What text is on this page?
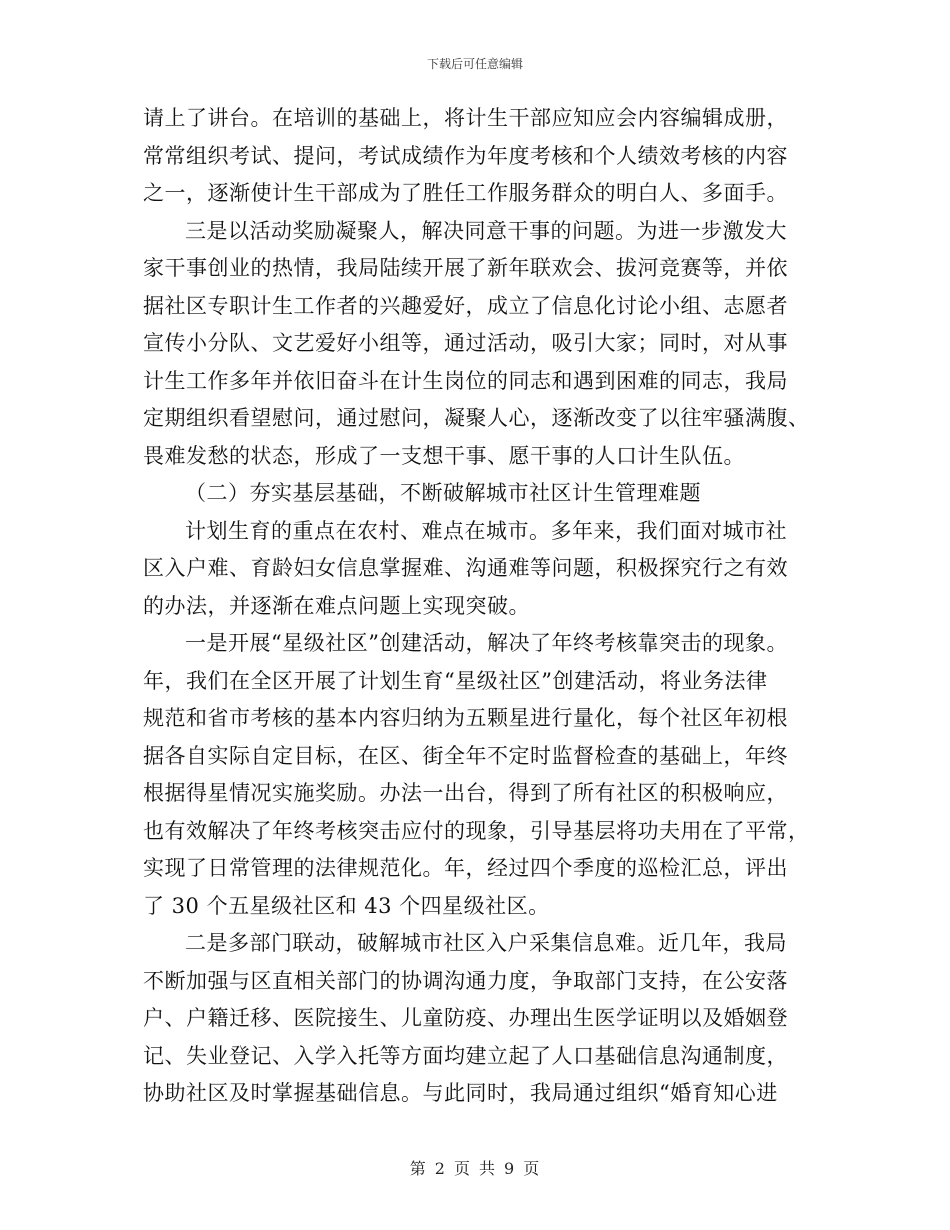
下载后可任意编辑
请上了讲台。在培训的基础上，将计生干部应知应会内容编辑成册，
常常组织考试、提问，考试成绩作为年度考核和个人绩效考核的内容
之一，逐渐使计生干部成为了胜任工作服务群众的明白人、多面手。
三是以活动奖励凝聚人，解决同意干事的问题。为进一步激发大
家干事创业的热情，我局陆续开展了新年联欢会、拔河竞赛等，并依
据社区专职计生工作者的兴趣爱好，成立了信息化讨论小组、志愿者
宣传小分队、文艺爱好小组等，通过活动，吸引大家；同时，对从事
计生工作多年并依旧奋斗在计生岗位的同志和遇到困难的同志，我局
定期组织看望慰问，通过慰问，凝聚人心，逐渐改变了以往牢骚满腹、
畏难发愁的状态，形成了一支想干事、愿干事的人口计生队伍。
（二）夯实基层基础，不断破解城市社区计生管理难题
计划生育的重点在农村、难点在城市。多年来，我们面对城市社
区入户难、育龄妇女信息掌握难、沟通难等问题，积极探究行之有效
的办法，并逐渐在难点问题上实现突破。
一是开展“星级社区”创建活动，解决了年终考核靠突击的现象。
年，我们在全区开展了计划生育“星级社区”创建活动，将业务法律
规范和省市考核的基本内容归纳为五颗星进行量化，每个社区年初根
据各自实际自定目标，在区、街全年不定时监督检查的基础上，年终
根据得星情况实施奖励。办法一出台，得到了所有社区的积极响应，
也有效解决了年终考核突击应付的现象，引导基层将功夫用在了平常，
实现了日常管理的法律规范化。年，经过四个季度的巡检汇总，评出
了 30 个五星级社区和 43 个四星级社区。
二是多部门联动，破解城市社区入户采集信息难。近几年，我局
不断加强与区直相关部门的协调沟通力度，争取部门支持，在公安落
户、户籍迁移、医院接生、儿童防疫、办理出生医学证明以及婚姻登
记、失业登记、入学入托等方面均建立起了人口基础信息沟通制度，
协助社区及时掌握基础信息。与此同时，我局通过组织“婚育知心进
第 2 页 共 9 页
